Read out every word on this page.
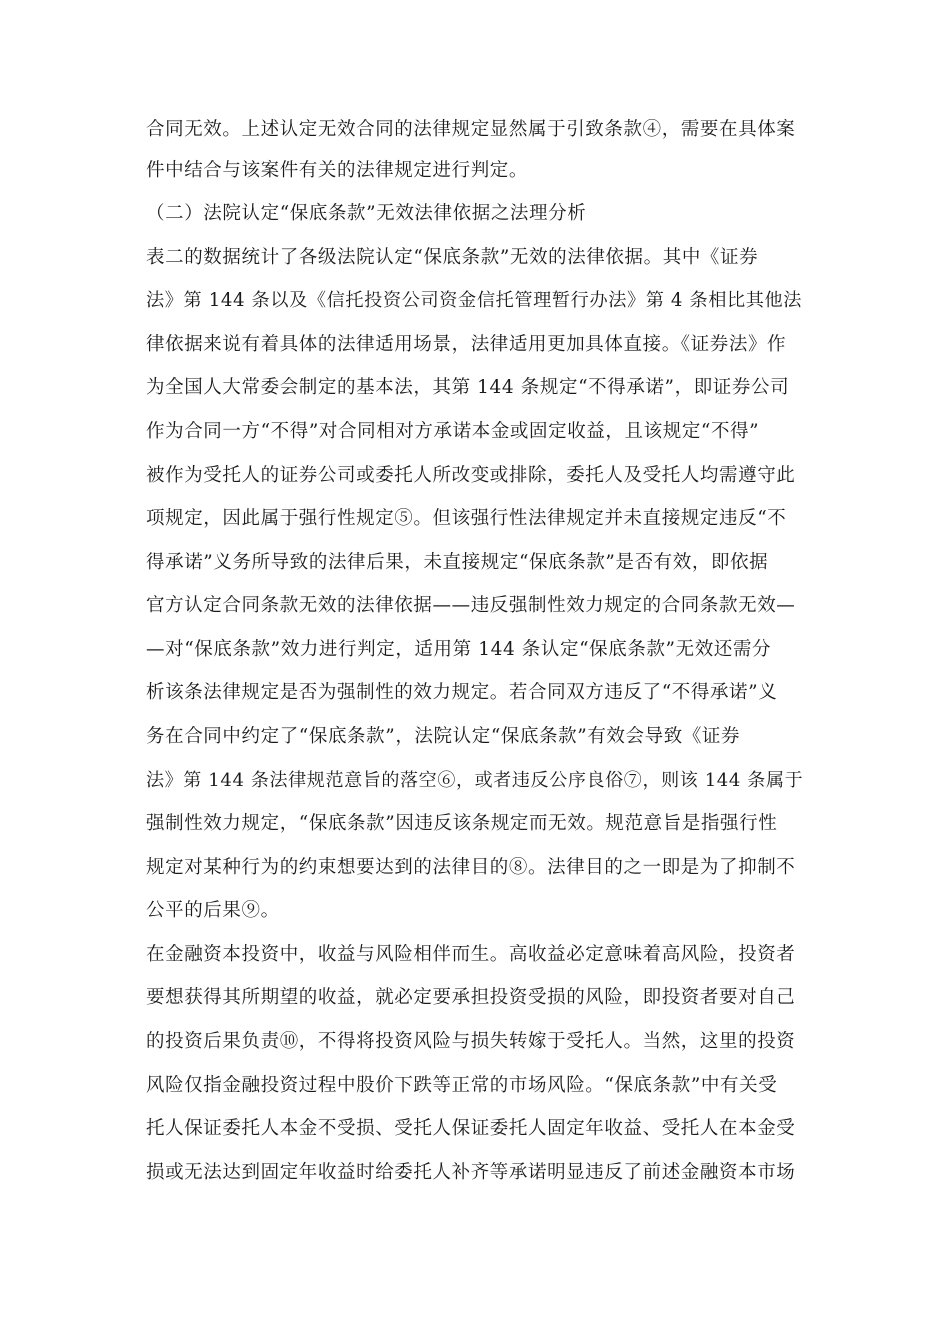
合同无效。上述认定无效合同的法律规定显然属于引致条款④，需要在具体案
件中结合与该案件有关的法律规定进行判定。
（二）法院认定“保底条款”无效法律依据之法理分析
表二的数据统计了各级法院认定“保底条款”无效的法律依据。其中《证券
法》第 144 条以及《信托投资公司资金信托管理暂行办法》第 4 条相比其他法
律依据来说有着具体的法律适用场景，法律适用更加具体直接。《证券法》作
为全国人大常委会制定的基本法，其第 144 条规定“不得承诺”，即证券公司
作为合同一方“不得”对合同相对方承诺本金或固定收益，且该规定“不得”
被作为受托人的证券公司或委托人所改变或排除，委托人及受托人均需遵守此
项规定，因此属于强行性规定⑤。但该强行性法律规定并未直接规定违反“不
得承诺”义务所导致的法律后果，未直接规定“保底条款”是否有效，即依据
官方认定合同条款无效的法律依据——违反强制性效力规定的合同条款无效—
—对“保底条款”效力进行判定，适用第 144 条认定“保底条款”无效还需分
析该条法律规定是否为强制性的效力规定。若合同双方违反了“不得承诺”义
务在合同中约定了“保底条款”，法院认定“保底条款”有效会导致《证券
法》第 144 条法律规范意旨的落空⑥，或者违反公序良俗⑦，则该 144 条属于
强制性效力规定，“保底条款”因违反该条规定而无效。规范意旨是指强行性
规定对某种行为的约束想要达到的法律目的⑧。法律目的之一即是为了抑制不
公平的后果⑨。
在金融资本投资中，收益与风险相伴而生。高收益必定意味着高风险，投资者
要想获得其所期望的收益，就必定要承担投资受损的风险，即投资者要对自己
的投资后果负责⑩，不得将投资风险与损失转嫁于受托人。当然，这里的投资
风险仅指金融投资过程中股价下跌等正常的市场风险。“保底条款”中有关受
托人保证委托人本金不受损、受托人保证委托人固定年收益、受托人在本金受
损或无法达到固定年收益时给委托人补齐等承诺明显违反了前述金融资本市场
